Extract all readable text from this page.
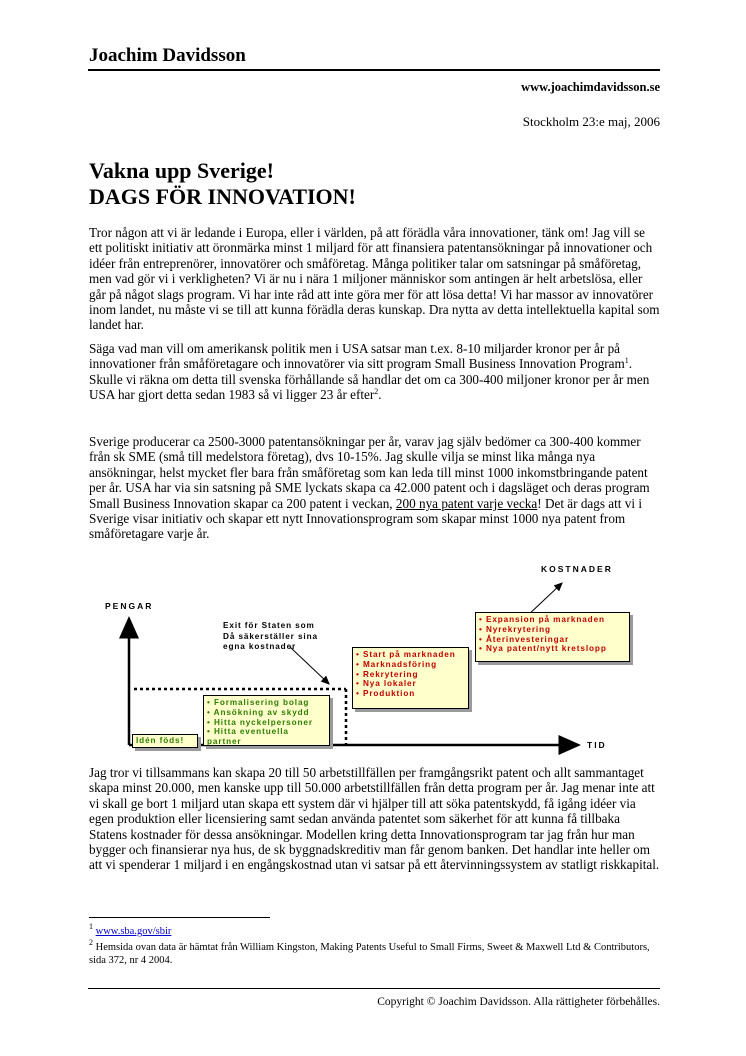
Joachim Davidsson
www.joachimdavidsson.se
Stockholm 23:e maj, 2006
Vakna upp Sverige!
DAGS FÖR INNOVATION!

Tror någon att vi är ledande i Europa, eller i världen, på att förädla våra innovationer, tänk om! Jag vill se ett politiskt initiativ att öronmärka minst 1 miljard för att finansiera patentansökningar på innovationer och idéer från entreprenörer, innovatörer och småföretag. Många politiker talar om satsningar på småföretag, men vad gör vi i verkligheten? Vi är nu i nära 1 miljoner människor som antingen är helt arbetslösa, eller går på något slags program. Vi har inte råd att inte göra mer för att lösa detta! Vi har massor av innovatörer inom landet, nu måste vi se till att kunna förädla deras kunskap. Dra nytta av detta intellektuella kapital som landet har.

Säga vad man vill om amerikansk politik men i USA satsar man t.ex. 8-10 miljarder kronor per år på innovationer från småföretagare och innovatörer via sitt program Small Business Innovation Program$^1$. Skulle vi räkna om detta till svenska förhållande så handlar det om ca 300-400 miljoner kronor per år men USA har gjort detta sedan 1983 så vi ligger 23 år efter$^2$.

Sverige producerar ca 2500-3000 patentansökningar per år, varav jag själv bedömer ca 300-400 kommer från sk SME (små till medelstora företag), dvs 10-15%. Jag skulle vilja se minst lika många nya ansökningar, helst mycket fler bara från småföretag som kan leda till minst 1000 inkomstbringande patent per år. USA har via sin satsning på SME lyckats skapa ca 42.000 patent och i dagsläget och deras program Small Business Innovation skapar ca 200 patent i veckan, 200 nya patent varje vecka! Det är dags att vi i Sverige visar initiativ och skapar ett nytt Innovationsprogram som skapar minst 1000 nya patent from småföretagare varje år.

PENGAR
TID
KOSTNADER
Exit för Staten som
Då säkerställer sina
egna kostnader
Idén föds!
• Formalisering bolag
• Ansökning av skydd
• Hitta nyckelpersoner
• Hitta eventuella partner
• Start på marknaden
• Marknadsföring
• Rekrytering
• Nya lokaler
• Produktion
• Expansion på marknaden
• Nyrekrytering
• Återinvesteringar
• Nya patent/nytt kretslopp

Jag tror vi tillsammans kan skapa 20 till 50 arbetstillfällen per framgångsrikt patent och allt sammantaget skapa minst 20.000, men kanske upp till 50.000 arbetstillfällen från detta program per år. Jag menar inte att vi skall ge bort 1 miljard utan skapa ett system där vi hjälper till att söka patentskydd, få igång idéer via egen produktion eller licensiering samt sedan använda patentet som säkerhet för att kunna få tillbaka Statens kostnader för dessa ansökningar. Modellen kring detta Innovationsprogram tar jag från hur man bygger och finansierar nya hus, de sk byggnadskreditiv man får genom banken. Det handlar inte heller om att vi spenderar 1 miljard i en engångskostnad utan vi satsar på ett återvinningssystem av statligt riskkapital.

$^1$ www.sba.gov/sbir

$^2$ Hemsida ovan data är hämtat från William Kingston, Making Patents Useful to Small Firms, Sweet & Maxwell Ltd & Contributors, sida 372, nr 4 2004.

Copyright © Joachim Davidsson. Alla rättigheter förbehålles.
